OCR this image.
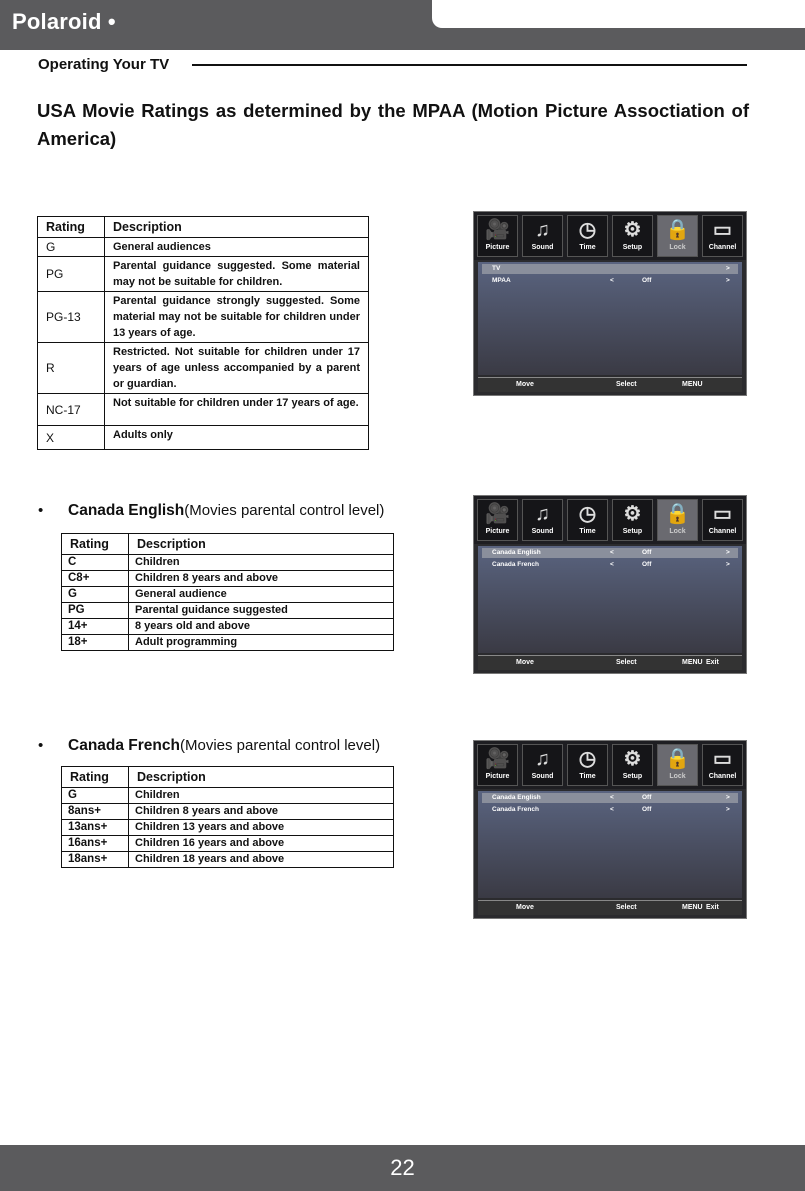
Polaroid •
Operating Your TV
USA Movie Ratings as determined by the MPAA (Motion Picture Assoctiation of America)
Rating	Description
G	General audiences
PG	Parental guidance suggested. Some material may not be suitable for children.
PG-13	Parental guidance strongly suggested. Some material may not be suitable for children under 13 years of age.
R	Restricted. Not suitable for children under 17 years of age unless accompanied by a parent or guardian.
NC-17	Not suitable for children under 17 years of age.
X	Adults only
🎥
Picture
♫
Sound
◷
Time
⚙
Setup
🔒
Lock
▭
Channel
TV	>
MPAA	<	Off	>
Move	Select	MENU
• Canada English(Movies parental control level)
Rating	Description
C	Children
C8+	Children 8 years and above
G	General audience
PG	Parental guidance suggested
14+	8 years old and above
18+	Adult programming
🎥
Picture
♫
Sound
◷
Time
⚙
Setup
🔒
Lock
▭
Channel
Canada English	<	Off	>
Canada French	<	Off	>
Move	Select	MENU Exit
• Canada French(Movies parental control level)
Rating	Description
G	Children
8ans+	Children 8 years and above
13ans+	Children 13 years and above
16ans+	Children 16 years and above
18ans+	Children 18 years and above
🎥
Picture
♫
Sound
◷
Time
⚙
Setup
🔒
Lock
▭
Channel
Canada English	<	Off	>
Canada French	<	Off	>
Move	Select	MENU Exit
22
